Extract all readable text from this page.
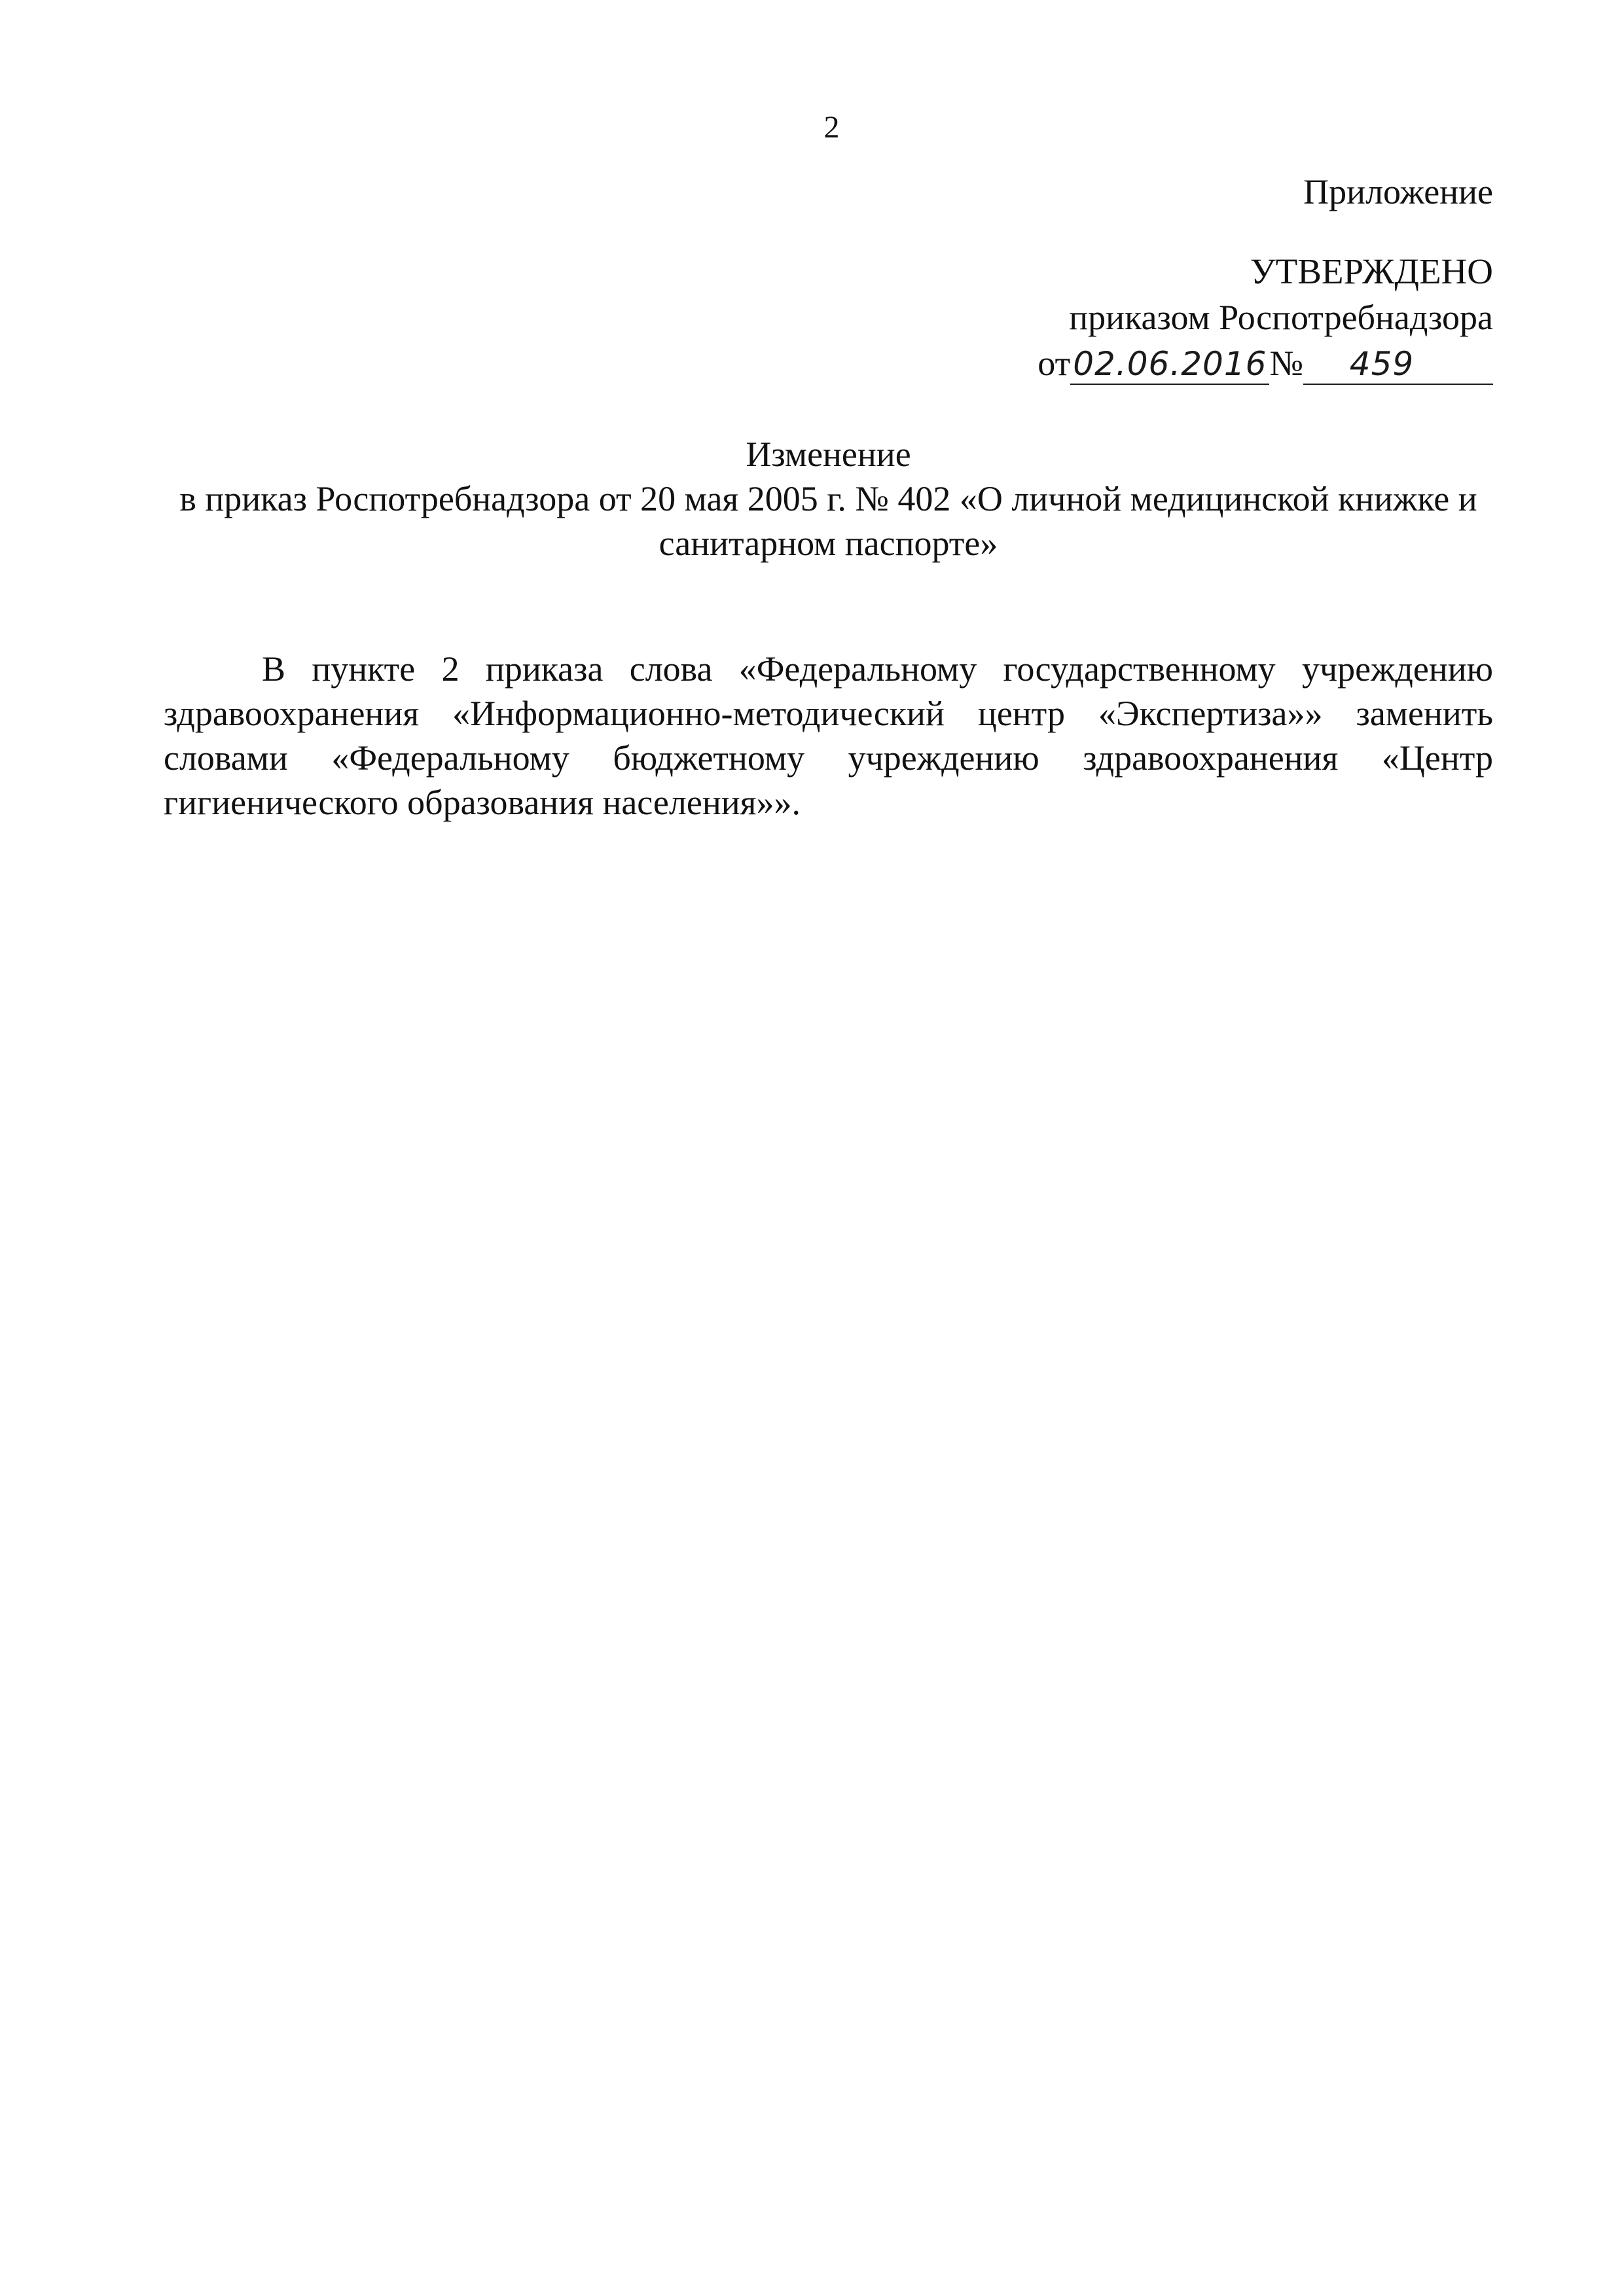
2
Приложение
УТВЕРЖДЕНО
приказом Роспотребнадзора
от02.06.2016№ 459
Изменение
в приказ Роспотребнадзора от 20 мая 2005 г. № 402 «О личной медицинской книжке и санитарном паспорте»

В пункте 2 приказа слова «Федеральному государственному учреждению здравоохранения «Информационно-методический центр «Экспертиза»» заменить словами «Федеральному бюджетному учреждению здравоохранения «Центр гигиенического образования населения»».
